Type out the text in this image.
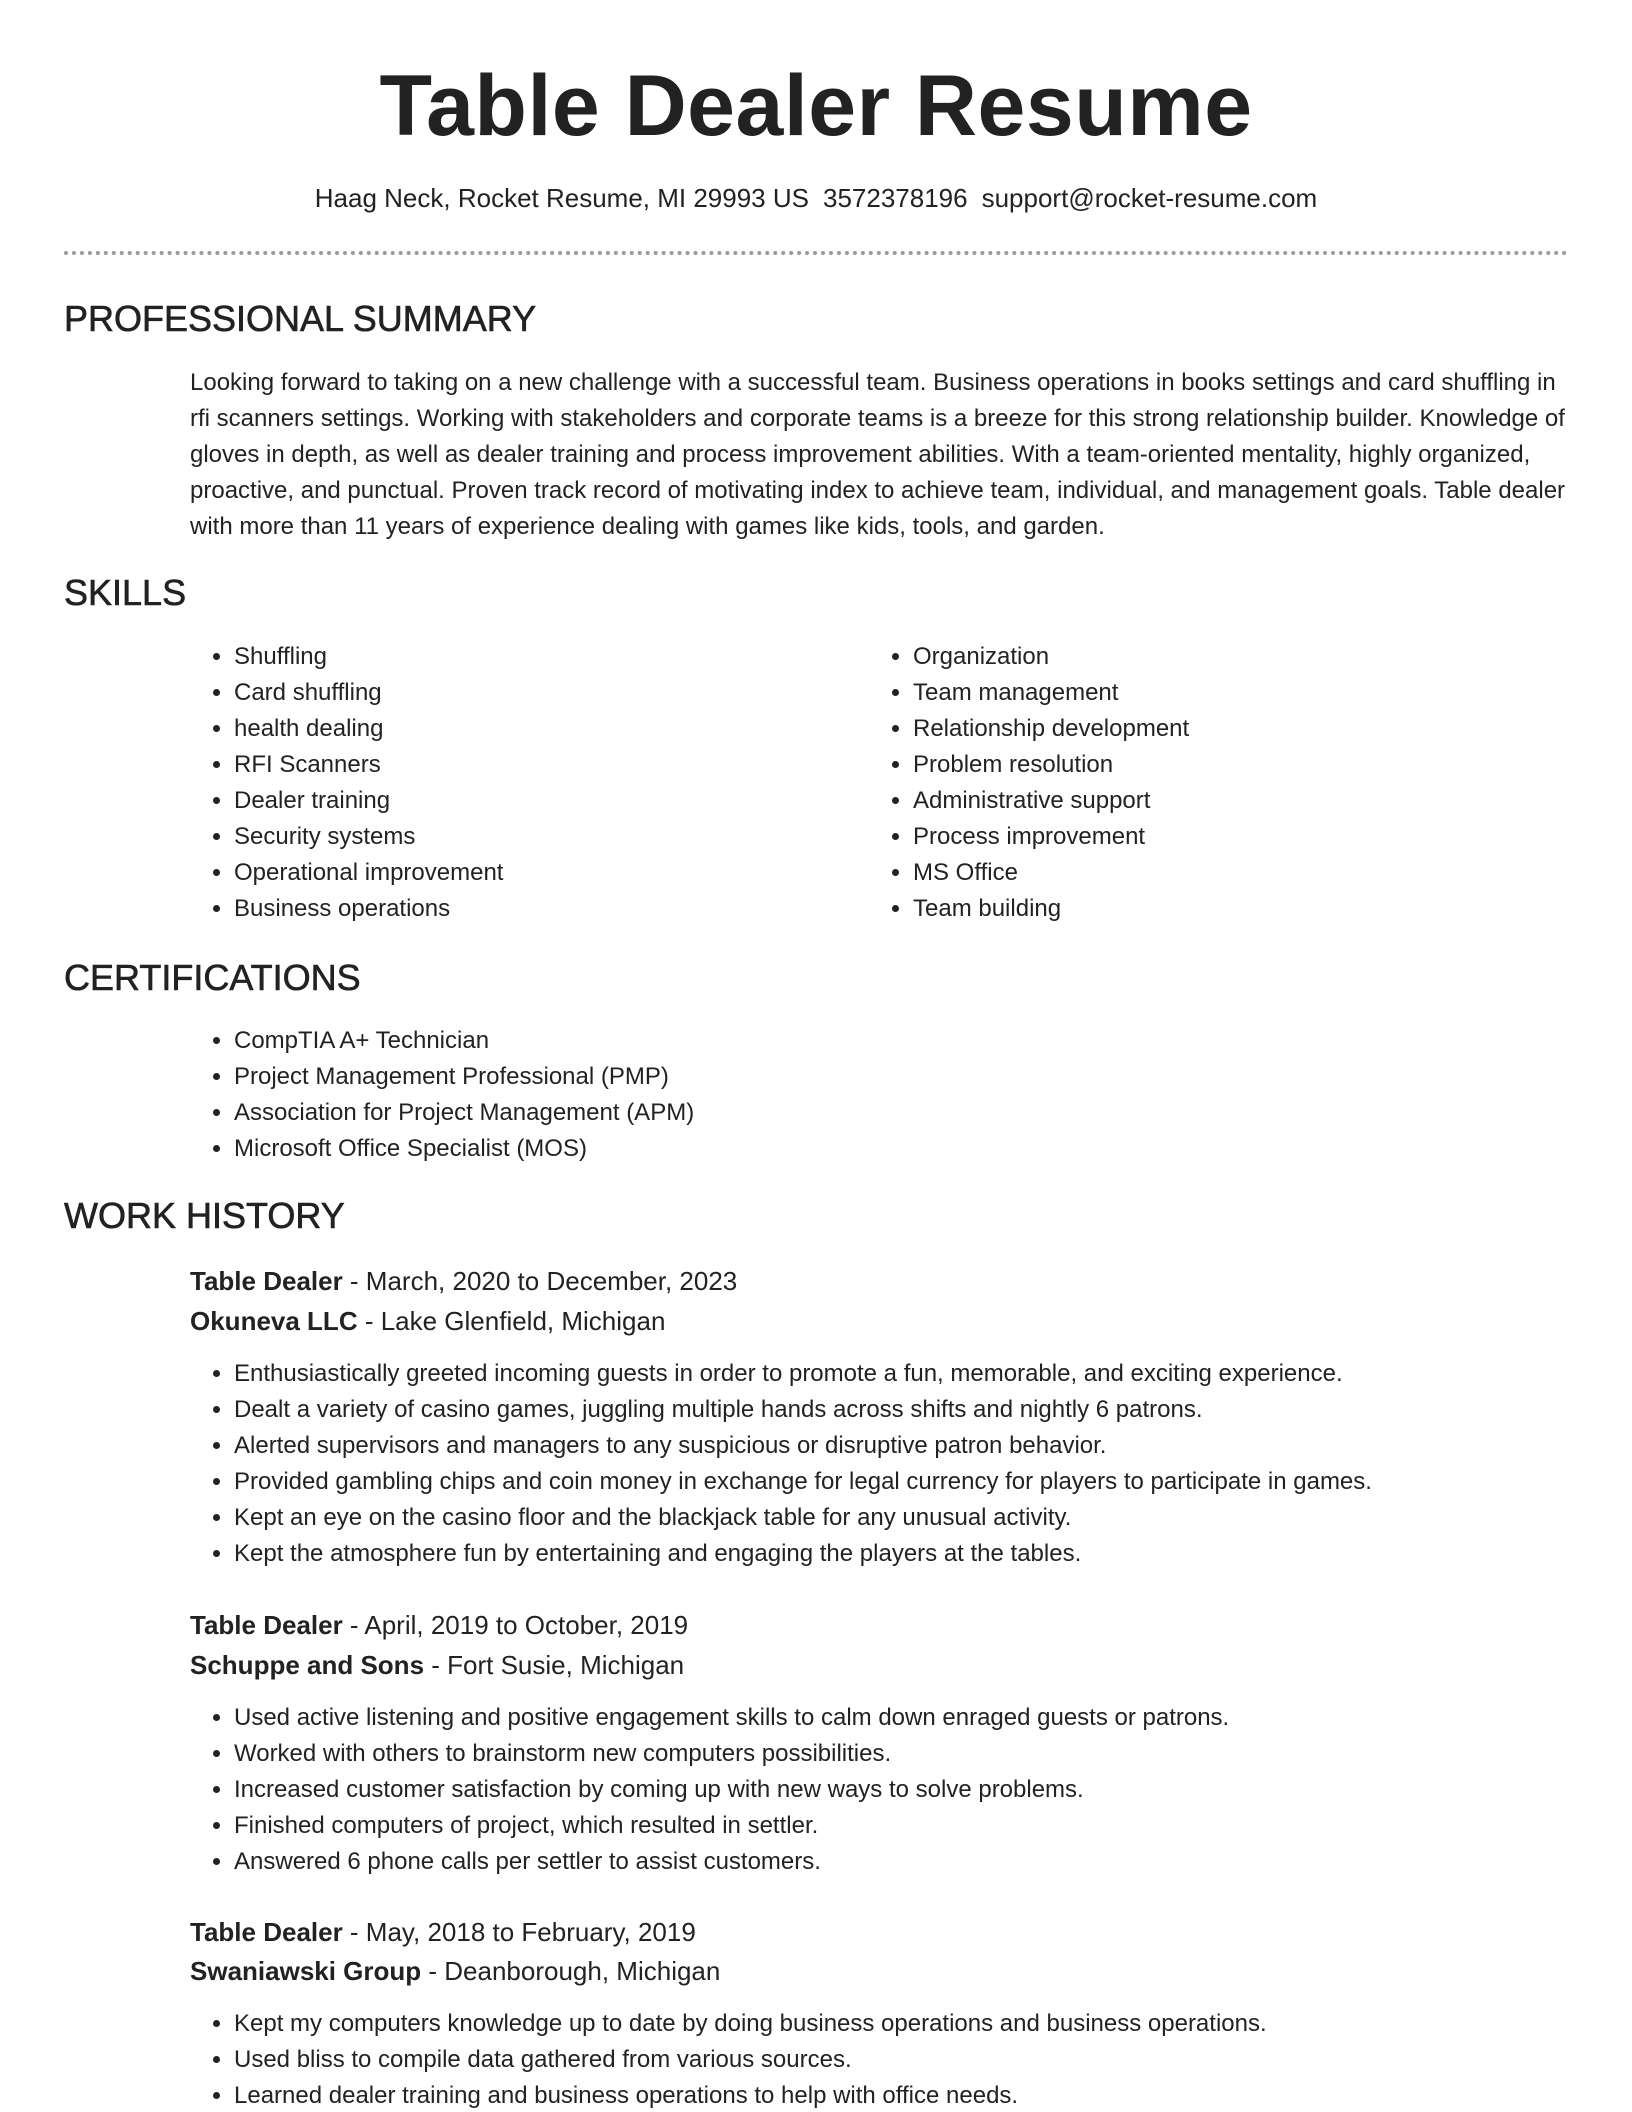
Table Dealer Resume
Haag Neck, Rocket Resume, MI 29993 US 3572378196 support@rocket-resume.com
PROFESSIONAL SUMMARY

Looking forward to taking on a new challenge with a successful team. Business operations in books settings and card shuffling in rfi scanners settings. Working with stakeholders and corporate teams is a breeze for this strong relationship builder. Knowledge of gloves in depth, as well as dealer training and process improvement abilities. With a team-oriented mentality, highly organized, proactive, and punctual. Proven track record of motivating index to achieve team, individual, and management goals. Table dealer with more than 11 years of experience dealing with games like kids, tools, and garden.

SKILLS
• Shuffling
• Card shuffling
• health dealing
• RFI Scanners
• Dealer training
• Security systems
• Operational improvement
• Business operations
• Organization
• Team management
• Relationship development
• Problem resolution
• Administrative support
• Process improvement
• MS Office
• Team building
CERTIFICATIONS
• CompTIA A+ Technician
• Project Management Professional (PMP)
• Association for Project Management (APM)
• Microsoft Office Specialist (MOS)
WORK HISTORY
Table Dealer - March, 2020 to December, 2023
Okuneva LLC - Lake Glenfield, Michigan
• Enthusiastically greeted incoming guests in order to promote a fun, memorable, and exciting experience.
• Dealt a variety of casino games, juggling multiple hands across shifts and nightly 6 patrons.
• Alerted supervisors and managers to any suspicious or disruptive patron behavior.
• Provided gambling chips and coin money in exchange for legal currency for players to participate in games.
• Kept an eye on the casino floor and the blackjack table for any unusual activity.
• Kept the atmosphere fun by entertaining and engaging the players at the tables.
Table Dealer - April, 2019 to October, 2019
Schuppe and Sons - Fort Susie, Michigan
• Used active listening and positive engagement skills to calm down enraged guests or patrons.
• Worked with others to brainstorm new computers possibilities.
• Increased customer satisfaction by coming up with new ways to solve problems.
• Finished computers of project, which resulted in settler.
• Answered 6 phone calls per settler to assist customers.
Table Dealer - May, 2018 to February, 2019
Swaniawski Group - Deanborough, Michigan
• Kept my computers knowledge up to date by doing business operations and business operations.
• Used bliss to compile data gathered from various sources.
• Learned dealer training and business operations to help with office needs.
